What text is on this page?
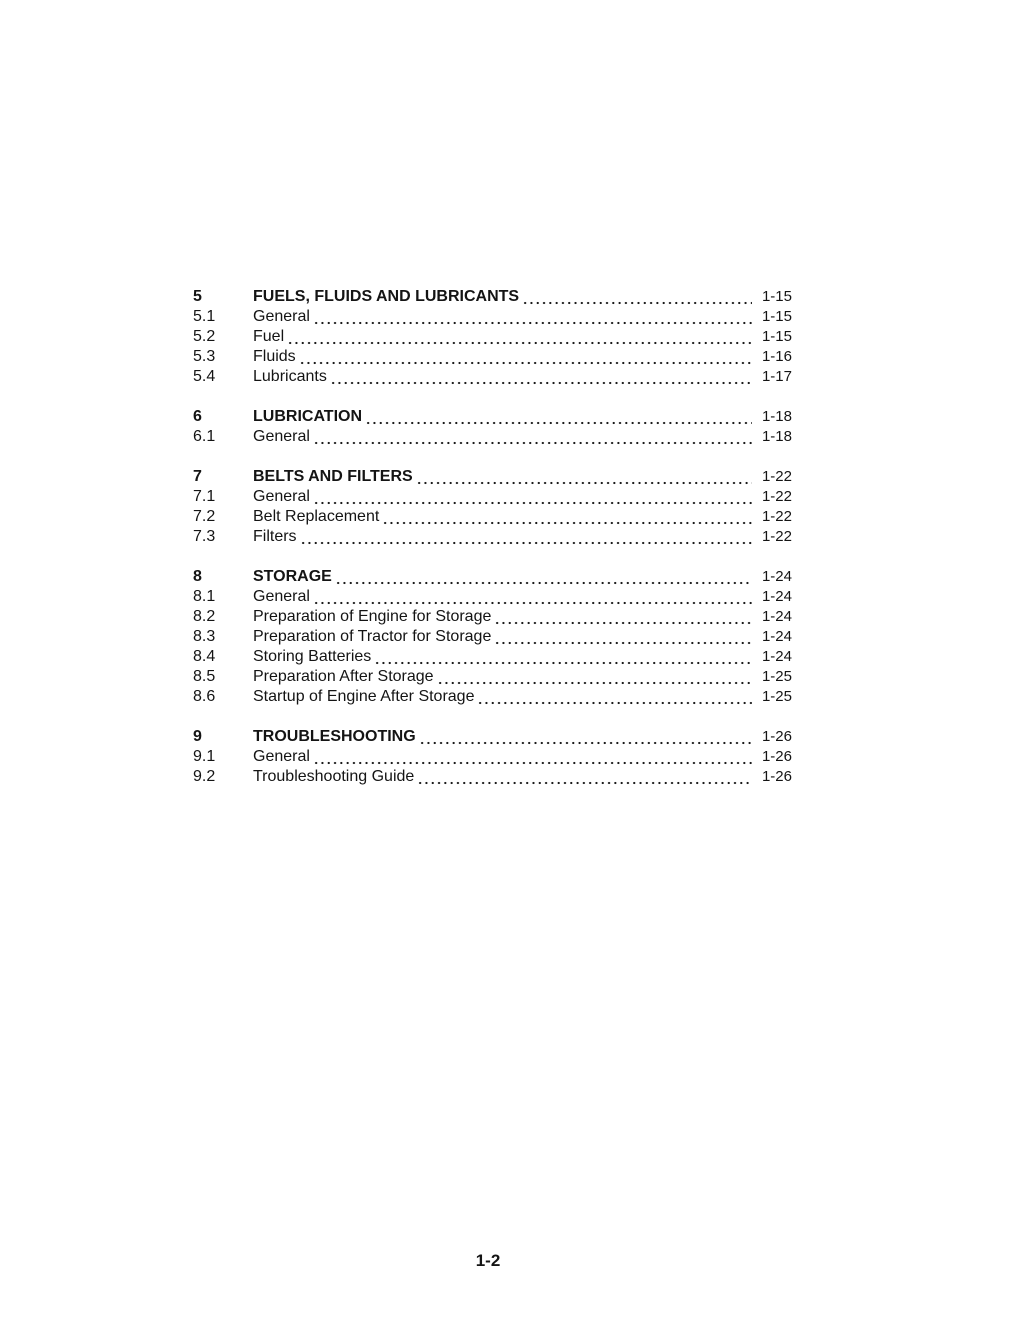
5	FUELS, FLUIDS AND LUBRICANTS	1-15
5.1	General	1-15
5.2	Fuel	1-15
5.3	Fluids	1-16
5.4	Lubricants	1-17
6	LUBRICATION	1-18
6.1	General	1-18
7	BELTS AND FILTERS	1-22
7.1	General	1-22
7.2	Belt Replacement	1-22
7.3	Filters	1-22
8	STORAGE	1-24
8.1	General	1-24
8.2	Preparation of Engine for Storage	1-24
8.3	Preparation of Tractor for Storage	1-24
8.4	Storing Batteries	1-24
8.5	Preparation After Storage	1-25
8.6	Startup of Engine After Storage	1-25
9	TROUBLESHOOTING	1-26
9.1	General	1-26
9.2	Troubleshooting Guide	1-26
1-2
